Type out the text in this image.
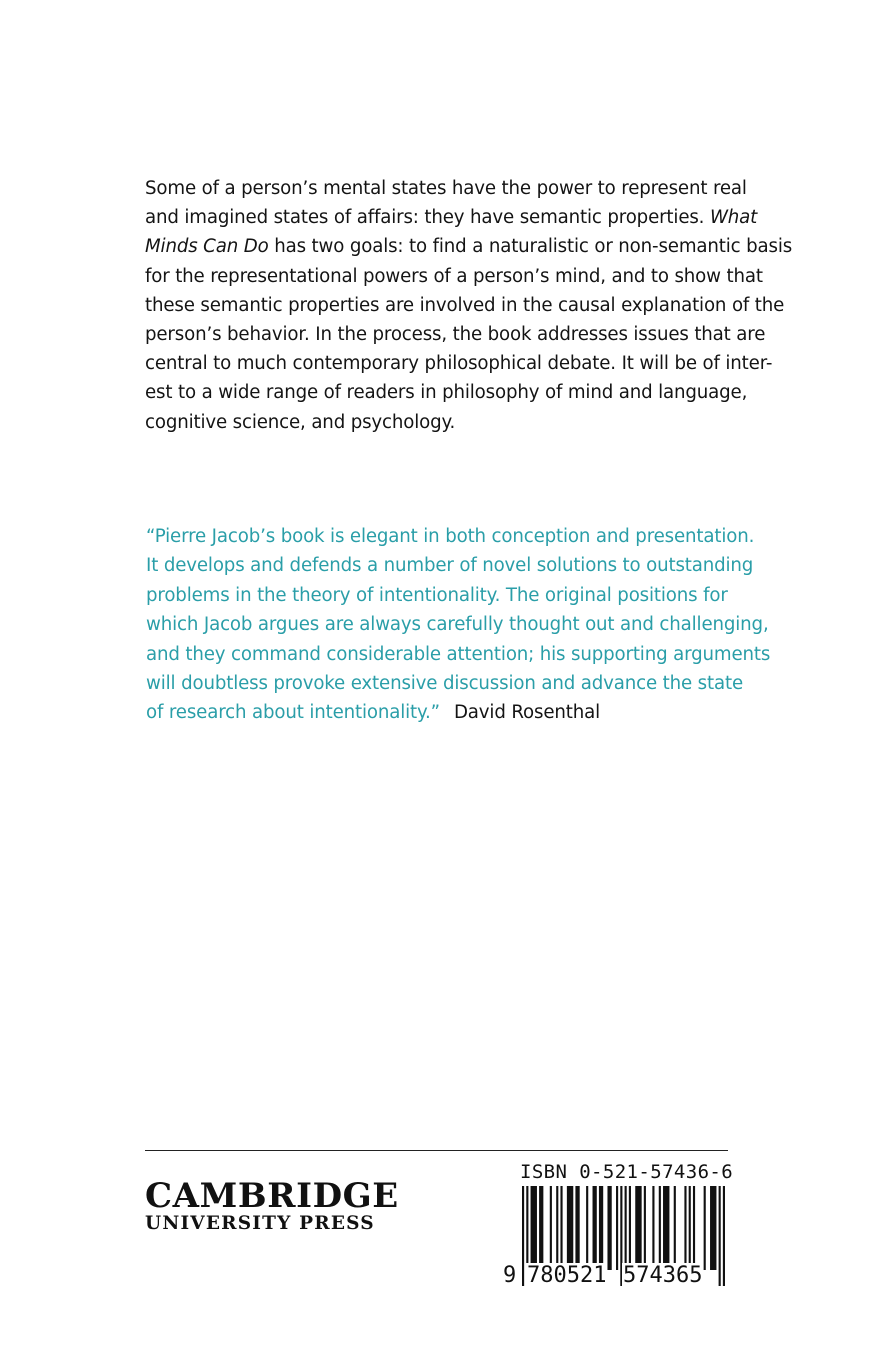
Some of a person’s mental states have the power to represent real
and imagined states of affairs: they have semantic properties. What
Minds Can Do has two goals: to find a naturalistic or non-semantic basis
for the representational powers of a person’s mind, and to show that
these semantic properties are involved in the causal explanation of the
person’s behavior. In the process, the book addresses issues that are
central to much contemporary philosophical debate. It will be of inter-
est to a wide range of readers in philosophy of mind and language,
cognitive science, and psychology.
“Pierre Jacob’s book is elegant in both conception and presentation.
It develops and defends a number of novel solutions to outstanding
problems in the theory of intentionality. The original positions for
which Jacob argues are always carefully thought out and challenging,
and they command considerable attention; his supporting arguments
will doubtless provoke extensive discussion and advance the state
of research about intentionality.” David Rosenthal
CAMBRIDGE
UNIVERSITY PRESS
ISBN 0-521-57436-6
9 780521 574365
